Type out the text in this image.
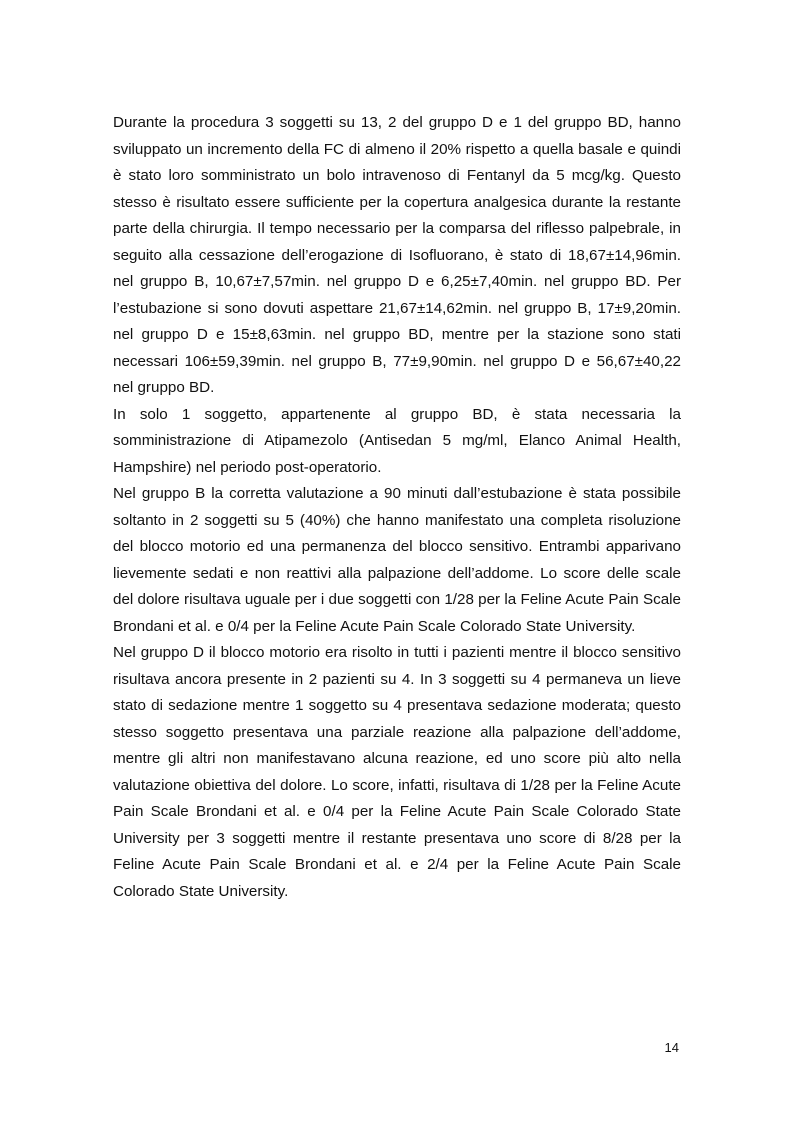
Durante la procedura 3 soggetti su 13, 2 del gruppo D e 1 del gruppo BD, hanno sviluppato un incremento della FC di almeno il 20% rispetto a quella basale e quindi è stato loro somministrato un bolo intravenoso di Fentanyl da 5 mcg/kg. Questo stesso è risultato essere sufficiente per la copertura analgesica durante la restante parte della chirurgia. Il tempo necessario per la comparsa del riflesso palpebrale, in seguito alla cessazione dell’erogazione di Isofluorano, è stato di 18,67±14,96min. nel gruppo B, 10,67±7,57min. nel gruppo D e 6,25±7,40min. nel gruppo BD. Per l’estubazione si sono dovuti aspettare 21,67±14,62min. nel gruppo B, 17±9,20min. nel gruppo D e 15±8,63min. nel gruppo BD, mentre per la stazione sono stati necessari 106±59,39min. nel gruppo B, 77±9,90min. nel gruppo D e 56,67±40,22 nel gruppo BD.

In solo 1 soggetto, appartenente al gruppo BD, è stata necessaria la somministrazione di Atipamezolo (Antisedan 5 mg/ml, Elanco Animal Health, Hampshire) nel periodo post-operatorio.

Nel gruppo B la corretta valutazione a 90 minuti dall’estubazione è stata possibile soltanto in 2 soggetti su 5 (40%) che hanno manifestato una completa risoluzione del blocco motorio ed una permanenza del blocco sensitivo. Entrambi apparivano lievemente sedati e non reattivi alla palpazione dell’addome. Lo score delle scale del dolore risultava uguale per i due soggetti con 1/28 per la Feline Acute Pain Scale Brondani et al. e 0/4 per la Feline Acute Pain Scale Colorado State University.

Nel gruppo D il blocco motorio era risolto in tutti i pazienti mentre il blocco sensitivo risultava ancora presente in 2 pazienti su 4. In 3 soggetti su 4 permaneva un lieve stato di sedazione mentre 1 soggetto su 4 presentava sedazione moderata; questo stesso soggetto presentava una parziale reazione alla palpazione dell’addome, mentre gli altri non manifestavano alcuna reazione, ed uno score più alto nella valutazione obiettiva del dolore. Lo score, infatti, risultava di 1/28 per la Feline Acute Pain Scale Brondani et al. e 0/4 per la Feline Acute Pain Scale Colorado State University per 3 soggetti mentre il restante presentava uno score di 8/28 per la Feline Acute Pain Scale Brondani et al. e 2/4 per la Feline Acute Pain Scale Colorado State University.

14
